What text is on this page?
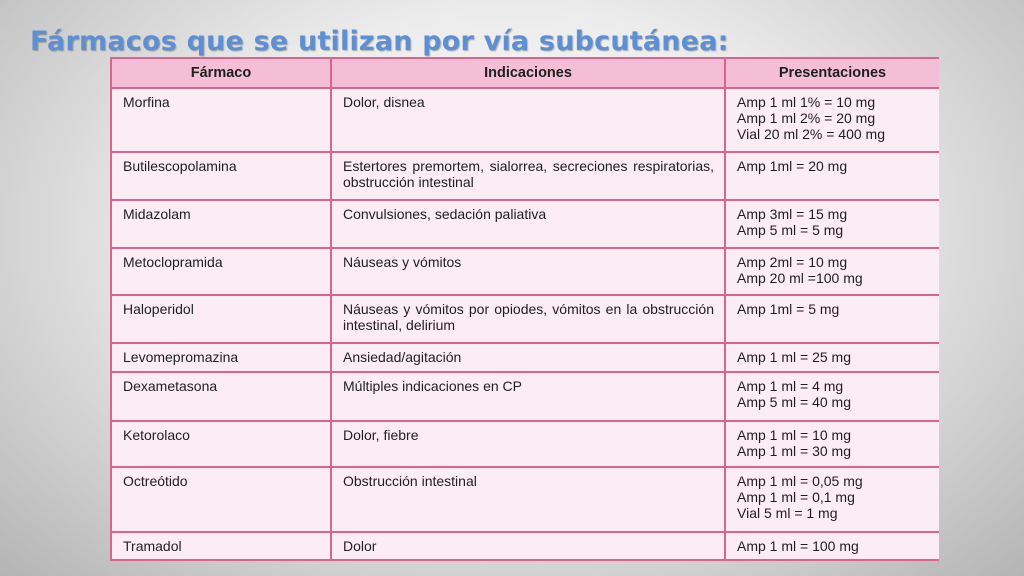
Fármacos que se utilizan por vía subcutánea:
Fármaco	Indicaciones	Presentaciones
Morfina	Dolor, disnea	Amp 1 ml 1% = 10 mg
Amp 1 ml 2% = 20 mg
Vial 20 ml 2% = 400 mg

Butilescopolamina	Estertores premortem, sialorrea, secreciones respiratorias, obstrucción intestinal	Amp 1ml = 20 mg

Midazolam	Convulsiones, sedación paliativa	Amp 3ml = 15 mg
Amp 5 ml = 5 mg

Metoclopramida	Náuseas y vómitos	Amp 2ml = 10 mg
Amp 20 ml =100 mg

Haloperidol	Náuseas y vómitos por opiodes, vómitos en la obstrucción intestinal, delirium	Amp 1ml = 5 mg

Levomepromazina	Ansiedad/agitación	Amp 1 ml = 25 mg

Dexametasona	Múltiples indicaciones en CP	Amp 1 ml = 4 mg
Amp 5 ml = 40 mg

Ketorolaco	Dolor, fiebre	Amp 1 ml = 10 mg
Amp 1 ml = 30 mg

Octreótido	Obstrucción intestinal	Amp 1 ml = 0,05 mg
Amp 1 ml = 0,1 mg
Vial 5 ml = 1 mg

Tramadol	Dolor	Amp 1 ml = 100 mg
